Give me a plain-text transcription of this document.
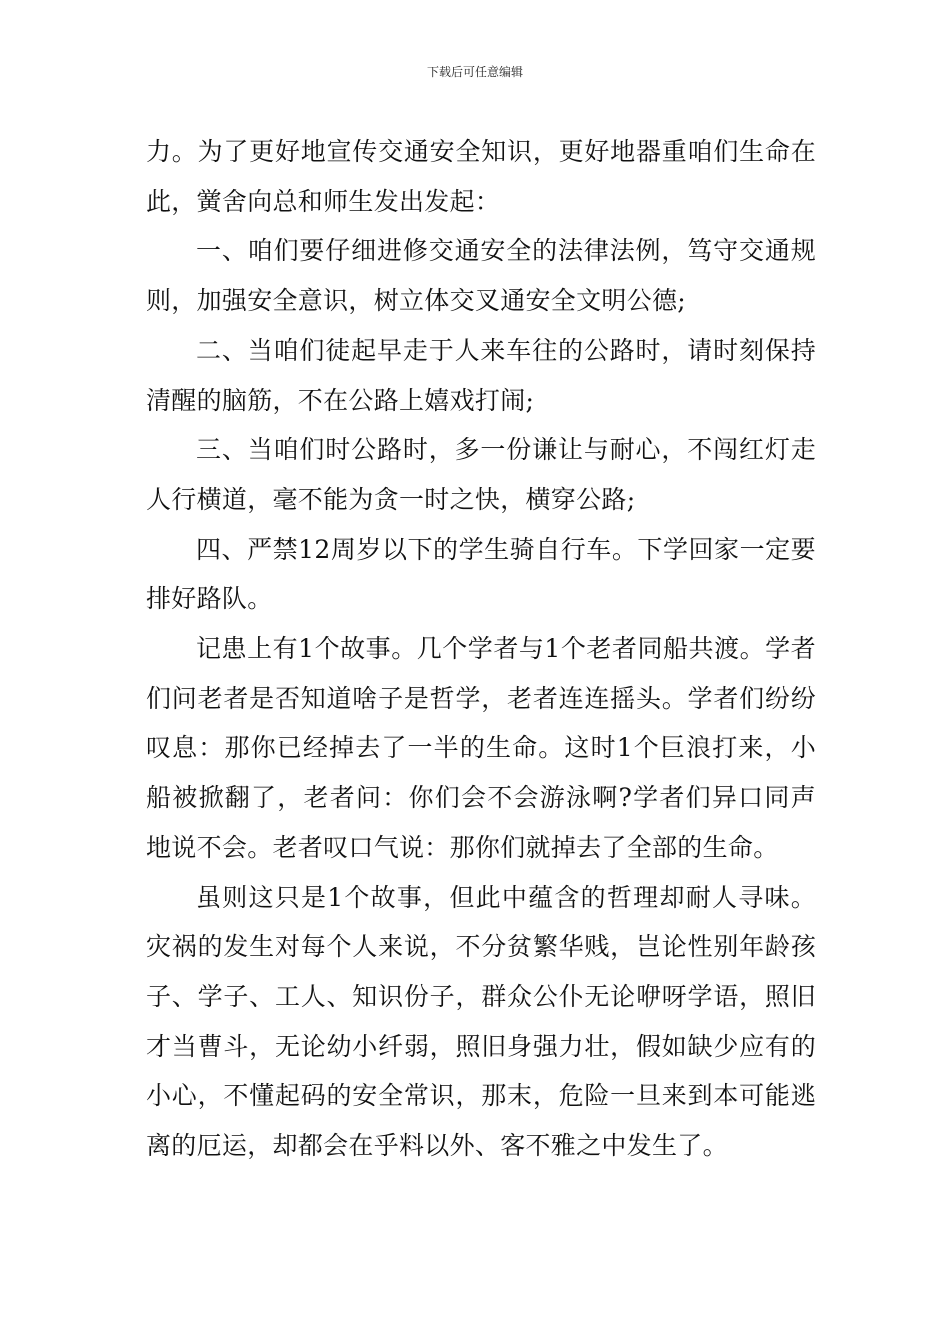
下载后可任意编辑

力。为了更好地宣传交通安全知识，更好地器重咱们生命在此，黉舍向总和师生发出发起：

一、咱们要仔细进修交通安全的法律法例，笃守交通规则，加强安全意识，树立体交叉通安全文明公德;

二、当咱们徒起早走于人来车往的公路时，请时刻保持清醒的脑筋，不在公路上嬉戏打闹;

三、当咱们时公路时，多一份谦让与耐心，不闯红灯走人行横道，毫不能为贪一时之快，横穿公路;

四、严禁12周岁以下的学生骑自行车。下学回家一定要排好路队。

记患上有1个故事。几个学者与1个老者同船共渡。学者们问老者是否知道啥子是哲学，老者连连摇头。学者们纷纷叹息：那你已经掉去了一半的生命。这时1个巨浪打来，小船被掀翻了，老者问：你们会不会游泳啊?学者们异口同声地说不会。老者叹口气说：那你们就掉去了全部的生命。

虽则这只是1个故事，但此中蕴含的哲理却耐人寻味。灾祸的发生对每个人来说，不分贫繁华贱，岂论性别年龄孩子、学子、工人、知识份子，群众公仆无论咿呀学语，照旧才当曹斗，无论幼小纤弱，照旧身强力壮，假如缺少应有的小心，不懂起码的安全常识，那末，危险一旦来到本可能逃离的厄运，却都会在乎料以外、客不雅之中发生了。
